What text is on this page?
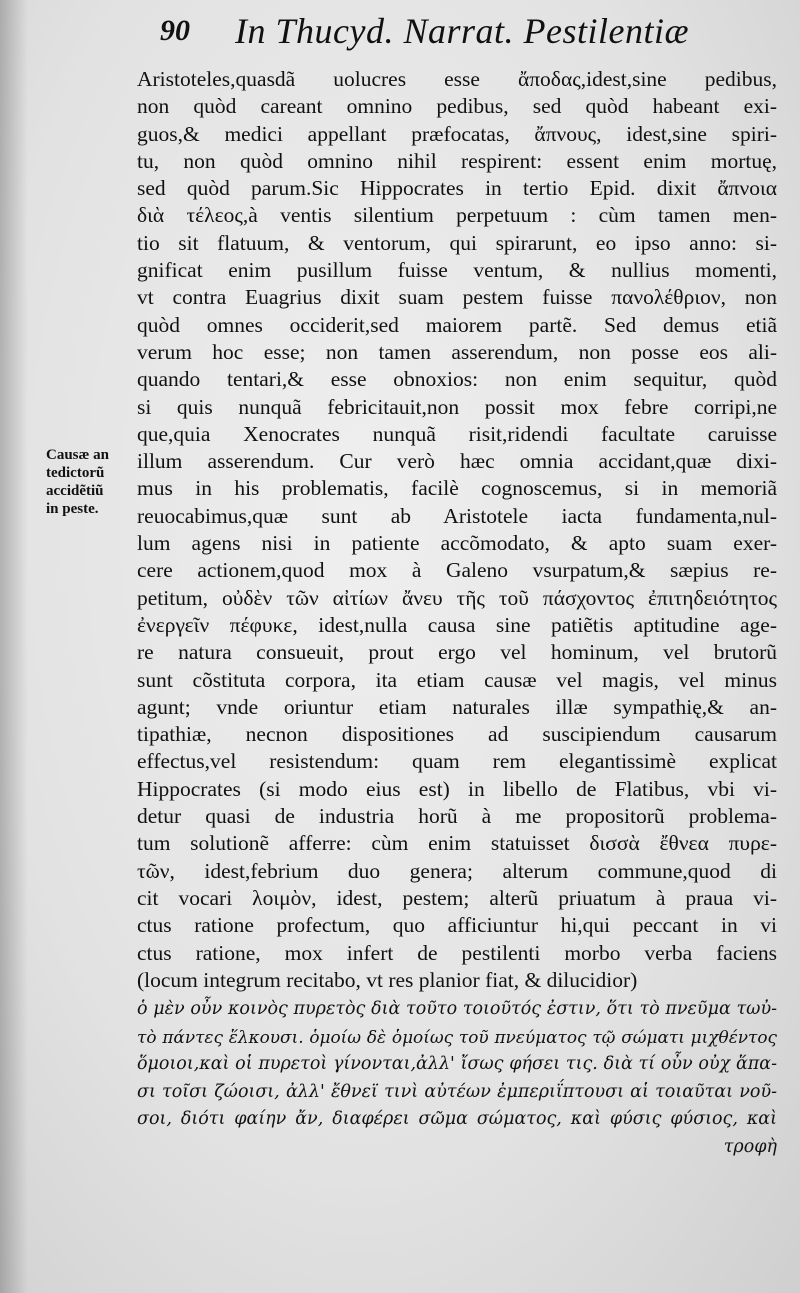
90 In Thucyd. Narrat. Pestilentiæ
Causæ an
tedictorũ
accidẽtiũ
in peste.
Aristoteles,quasdã uolucres esse ἄποδας,idest,sine pedibus,
non quòd careant omnino pedibus, sed quòd habeant exi-
guos,& medici appellant præfocatas, ἄπνους, idest,sine spiri-
tu, non quòd omnino nihil respirent: essent enim mortuę,
sed quòd parum.Sic Hippocrates in tertio Epid. dixit ἄπνοια
διὰ τέλεος,à ventis silentium perpetuum : cùm tamen men-
tio sit flatuum, & ventorum, qui spirarunt, eo ipso anno: si-
gnificat enim pusillum fuisse ventum, & nullius momenti,
vt contra Euagrius dixit suam pestem fuisse πανολέθριον, non
quòd omnes occiderit,sed maiorem partẽ. Sed demus etiã
verum hoc esse; non tamen asserendum, non posse eos ali-
quando tentari,& esse obnoxios: non enim sequitur, quòd
si quis nunquã febricitauit,non possit mox febre corripi,ne
que,quia Xenocrates nunquã risit,ridendi facultate caruisse
illum asserendum. Cur verò hæc omnia accidant,quæ dixi-
mus in his problematis, facilè cognoscemus, si in memoriã
reuocabimus,quæ sunt ab Aristotele iacta fundamenta,nul-
lum agens nisi in patiente accõmodato, & apto suam exer-
cere actionem,quod mox à Galeno vsurpatum,& sæpius re-
petitum, οὐδὲν τῶν αἰτίων ἄνευ τῆς τοῦ πάσχοντος ἐπιτηδειότητος
ἐνεργεῖν πέφυκε, idest,nulla causa sine patiẽtis aptitudine age-
re natura consueuit, prout ergo vel hominum, vel brutorũ
sunt cõstituta corpora, ita etiam causæ vel magis, vel minus
agunt; vnde oriuntur etiam naturales illæ sympathię,& an-
tipathiæ, necnon dispositiones ad suscipiendum causarum
effectus,vel resistendum: quam rem elegantissimè explicat
Hippocrates (si modo eius est) in libello de Flatibus, vbi vi-
detur quasi de industria horũ à me propositorũ problema-
tum solutionẽ afferre: cùm enim statuisset δισσὰ ἔθνεα πυρε-
τῶν, idest,febrium duo genera; alterum commune,quod di
cit vocari λοιμὸν, idest, pestem; alterũ priuatum à praua vi-
ctus ratione profectum, quo afficiuntur hi,qui peccant in vi
ctus ratione, mox infert de pestilenti morbo verba faciens
(locum integrum recitabo, vt res planior fiat, & dilucidior)
ὁ μὲν οὖν κοινὸς πυρετὸς διὰ τοῦτο τοιοῦτός ἐστιν, ὅτι τὸ πνεῦμα τωὐ-
τὸ πάντες ἕλκουσι. ὁμοίω δὲ ὁμοίως τοῦ πνεύματος τῷ σώματι μιχθέντος
ὅμοιοι,καὶ οἱ πυρετοὶ γίνονται,ἀλλ' ἴσως φήσει τις. διὰ τί οὖν οὐχ ἅπα-
σι τοῖσι ζώοισι, ἀλλ' ἔθνεϊ τινὶ αὐτέων ἐμπεριΐπτουσι αἱ τοιαῦται νοῦ-
σοι, διότι φαίην ἄν, διαφέρει σῶμα σώματος, καὶ φύσις φύσιος, καὶ
τροφὴ
